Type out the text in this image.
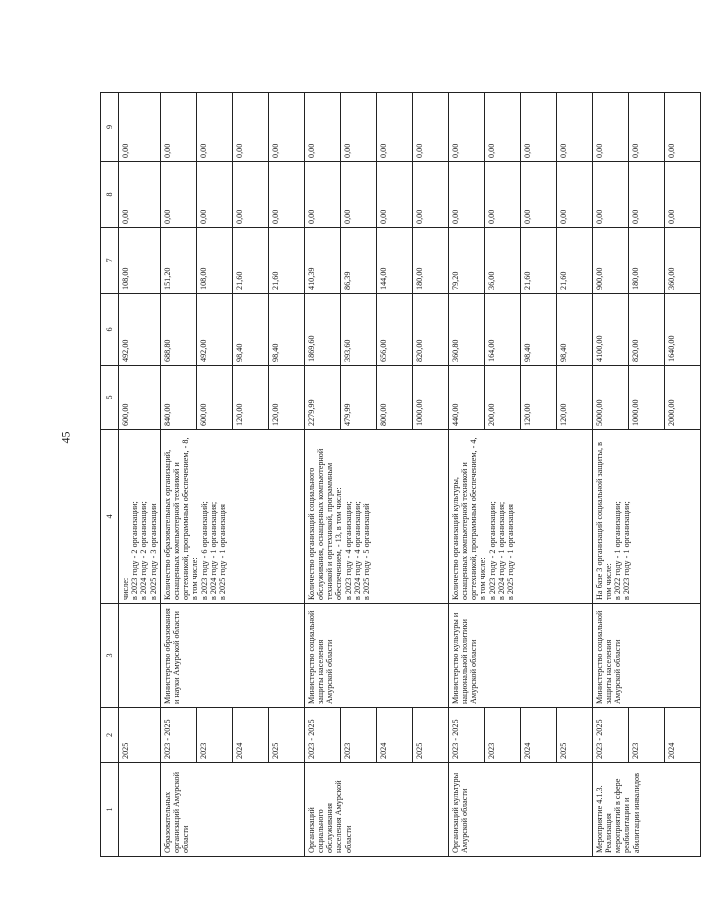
45
1	2	3	4	5	6	7	8	9
	2025		числе:
в 2023 году - 2 организации;
в 2024 году - 2 организации;
в 2025 году - 3 организации	600,00	492,00	108,00	0,00	0,00
Образовательных организаций Амурской области	2023 - 2025	Министерство образования и науки Амурской области	Количество образовательных организаций, оснащенных компьютерной техникой и оргтехникой, программным обеспечением, - 8, в том числе:
в 2023 году - 6 организаций;
в 2024 году - 1 организация;
в 2025 году - 1 организация	840,00	688,80	151,20	0,00	0,00
	2023			600,00	492,00	108,00	0,00	0,00
	2024			120,00	98,40	21,60	0,00	0,00
	2025			120,00	98,40	21,60	0,00	0,00
Организаций социального обслуживания населения Амурской области	2023 - 2025	Министерство социальной защиты населения Амурской области	Количество организаций социального обслуживания, оснащенных компьютерной техникой и оргтехникой, программным обеспечением, - 13, в том числе:
в 2023 году - 4 организации;
в 2024 году - 4 организации;
в 2025 году - 5 организаций	2279,99	1869,60	410,39	0,00	0,00
	2023			479,99	393,60	86,39	0,00	0,00
	2024			800,00	656,00	144,00	0,00	0,00
	2025			1000,00	820,00	180,00	0,00	0,00
Организаций культуры Амурской области	2023 - 2025	Министерство культуры и национальной политики Амурской области	Количество организаций культуры, оснащенных компьютерной техникой и оргтехникой, программным обеспечением, - 4, в том числе:
в 2023 году - 2 организации;
в 2024 году - 1 организация;
в 2025 году - 1 организация	440,00	360,80	79,20	0,00	0,00
	2023			200,00	164,00	36,00	0,00	0,00
	2024			120,00	98,40	21,60	0,00	0,00
	2025			120,00	98,40	21,60	0,00	0,00
Мероприятие 4.1.3. Реализация мероприятий в сфере реабилитации и абилитации инвалидов	2023 - 2025	Министерство социальной защиты населения Амурской области	На базе 3 организаций социальной защиты, в том числе:
в 2022 году - 1 организации;
в 2023 году - 1 организации;	5000,00	4100,00	900,00	0,00	0,00
	2023			1000,00	820,00	180,00	0,00	0,00
	2024			2000,00	1640,00	360,00	0,00	0,00
